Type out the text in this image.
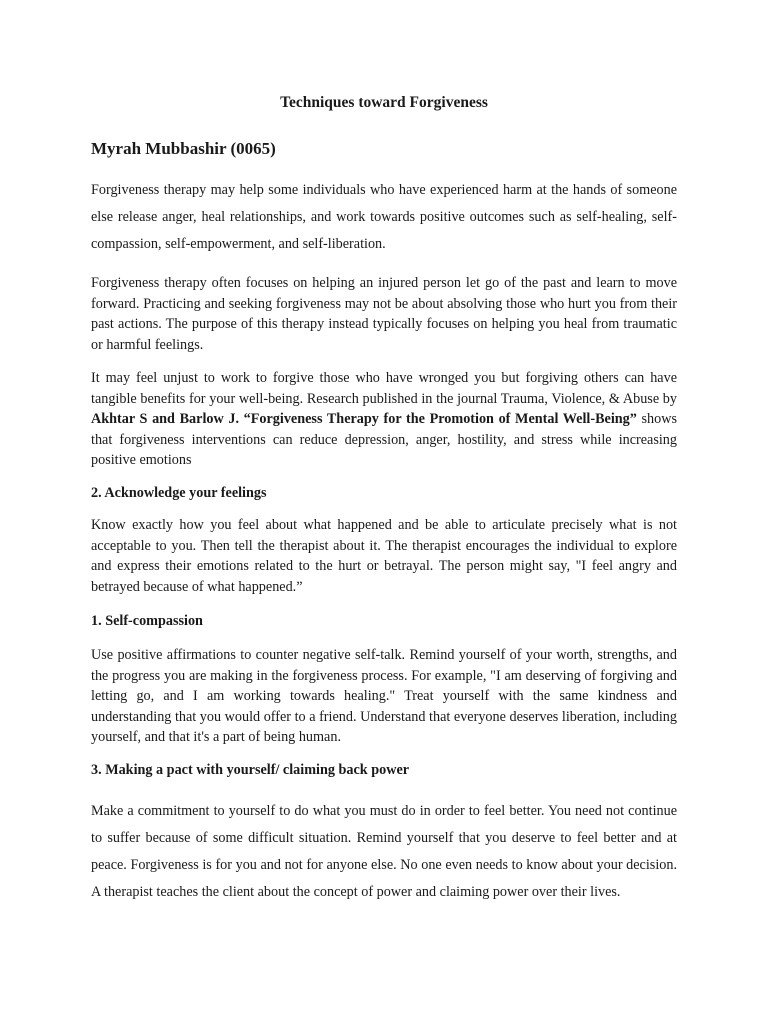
Techniques toward Forgiveness
Myrah Mubbashir (0065)

Forgiveness therapy may help some individuals who have experienced harm at the hands of someone else release anger, heal relationships, and work towards positive outcomes such as self-healing, self-compassion, self-empowerment, and self-liberation.

Forgiveness therapy often focuses on helping an injured person let go of the past and learn to move forward. Practicing and seeking forgiveness may not be about absolving those who hurt you from their past actions. The purpose of this therapy instead typically focuses on helping you heal from traumatic or harmful feelings.

It may feel unjust to work to forgive those who have wronged you but forgiving others can have tangible benefits for your well-being. Research published in the journal Trauma, Violence, & Abuse by Akhtar S and Barlow J. “Forgiveness Therapy for the Promotion of Mental Well-Being” shows that forgiveness interventions can reduce depression, anger, hostility, and stress while increasing positive emotions

2. Acknowledge your feelings

Know exactly how you feel about what happened and be able to articulate precisely what is not acceptable to you. Then tell the therapist about it. The therapist encourages the individual to explore and express their emotions related to the hurt or betrayal. The person might say, "I feel angry and betrayed because of what happened.”

1. Self-compassion

Use positive affirmations to counter negative self-talk. Remind yourself of your worth, strengths, and the progress you are making in the forgiveness process. For example, "I am deserving of forgiving and letting go, and I am working towards healing." Treat yourself with the same kindness and understanding that you would offer to a friend. Understand that everyone deserves liberation, including yourself, and that it's a part of being human.

3. Making a pact with yourself/ claiming back power

Make a commitment to yourself to do what you must do in order to feel better. You need not continue to suffer because of some difficult situation. Remind yourself that you deserve to feel better and at peace. Forgiveness is for you and not for anyone else. No one even needs to know about your decision. A therapist teaches the client about the concept of power and claiming power over their lives.
